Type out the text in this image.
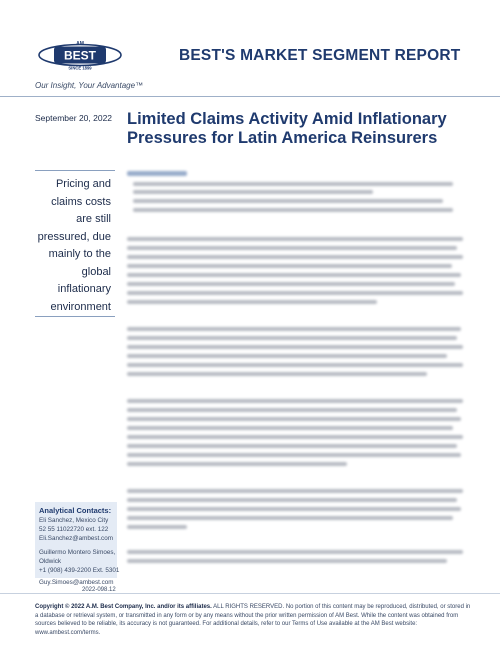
AM
BEST
SINCE 1899
BEST'S MARKET SEGMENT REPORT
Our Insight, Your Advantage™
September 20, 2022 Limited Claims Activity Amid Inflationary Pressures for Latin America Reinsurers
Pricing and claims costs are still pressured, due mainly to the global inflationary environment
Analytical Contacts:
Eli Sanchez, Mexico City
52 55 11022720 ext. 122
Eli.Sanchez@ambest.com
Guillermo Montero Simoes,
Oldwick
+1 (908) 439-2200 Ext. 5301
Guy.Simoes@ambest.com
2022-098.12
Copyright © 2022 A.M. Best Company, Inc. and/or its affiliates. ALL RIGHTS RESERVED. No portion of this content may be reproduced, distributed, or stored in a database or retrieval system, or transmitted in any form or by any means without the prior written permission of AM Best. While the content was obtained from sources believed to be reliable, its accuracy is not guaranteed. For additional details, refer to our Terms of Use available at the AM Best website: www.ambest.com/terms.
